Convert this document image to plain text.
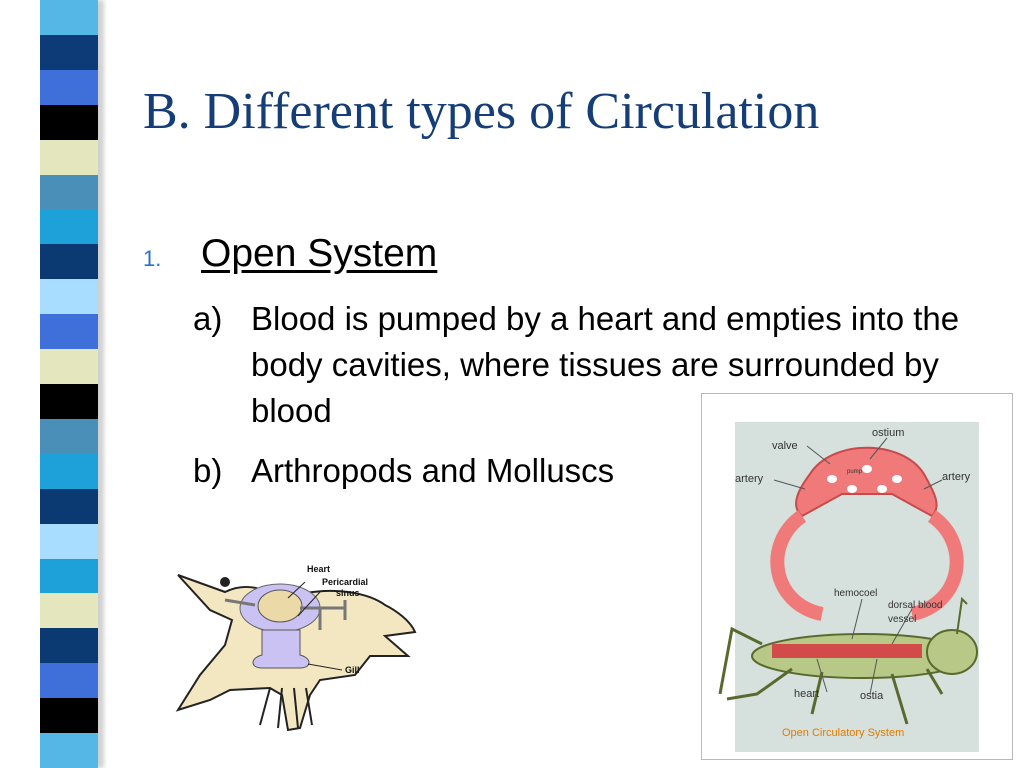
B. Different types of Circulation
1. Open System
a) Blood is pumped by a heart and empties into the body cavities, where tissues are surrounded by blood
b) Arthropods and Molluscs
Heart
Pericardial
sinus
Gill
valve
ostium
artery	artery
pump
hemocoel
dorsal blood
vessel
heart	ostia
Open Circulatory System
